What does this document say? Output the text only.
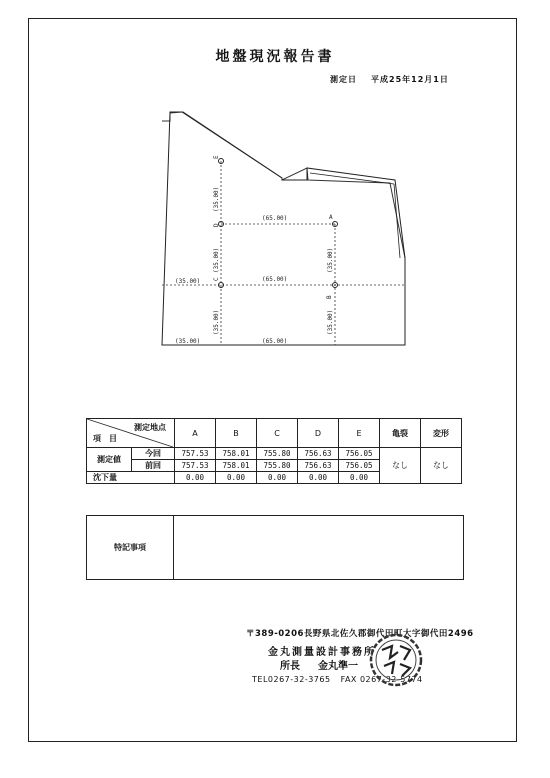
地盤現況報告書
測定日 平成25年12月1日
A
B
C
D
E
(65.00)
(65.00)
(65.00)
(35.00)
(35.00)
(35.00)
(35.00)
(35.00)
(35.00)
(35.00)
測定地点
項目		A	B	C	D	E	亀裂	変形
測定値	今回	757.53	758.01	755.80	756.63	756.05	なし	なし
	前回	757.53	758.01	755.80	756.63	756.05		
沈下量		0.00	0.00	0.00	0.00	0.00		
特記事項
〒389-0206長野県北佐久郡御代田町大字御代田2496
金丸測量設計事務所
所長 金丸準一
TEL0267-32-3765 FAX 0267-32-5774
